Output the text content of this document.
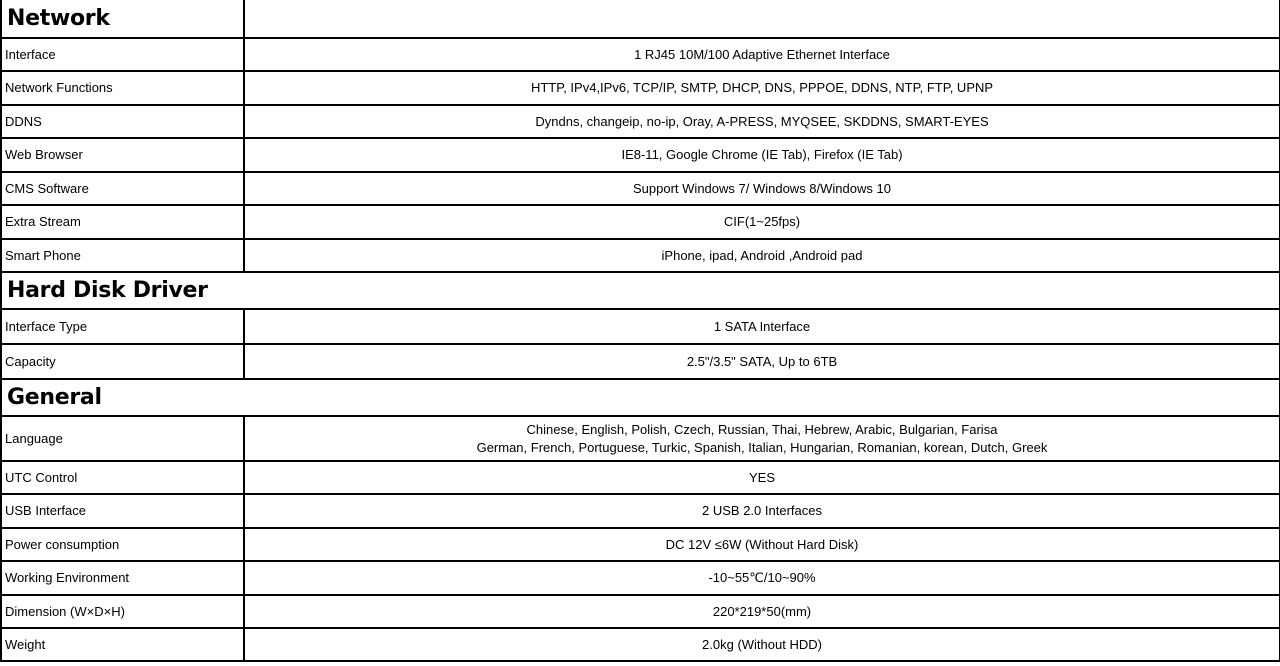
Network	
Interface	1 RJ45 10M/100 Adaptive Ethernet Interface
Network Functions	HTTP, IPv4,IPv6, TCP/IP, SMTP, DHCP, DNS, PPPOE, DDNS, NTP, FTP, UPNP
DDNS	Dyndns, changeip, no-ip, Oray, A-PRESS, MYQSEE, SKDDNS, SMART-EYES
Web Browser	IE8-11, Google Chrome (IE Tab), Firefox (IE Tab)
CMS Software	Support Windows 7/ Windows 8/Windows 10
Extra Stream	CIF(1~25fps)
Smart Phone	iPhone, ipad, Android ,Android pad
Hard Disk Driver	
Interface Type	1 SATA Interface
Capacity	2.5"/3.5" SATA, Up to 6TB
General	
Language	Chinese, English, Polish, Czech, Russian, Thai, Hebrew, Arabic, Bulgarian, Farisa
German, French, Portuguese, Turkic, Spanish, Italian, Hungarian, Romanian, korean, Dutch, Greek

UTC Control	YES
USB Interface	2 USB 2.0 Interfaces
Power consumption	DC 12V ≤6W (Without Hard Disk)
Working Environment	-10~55℃/10~90%
Dimension (W×D×H)	220*219*50(mm)
Weight	2.0kg (Without HDD)
